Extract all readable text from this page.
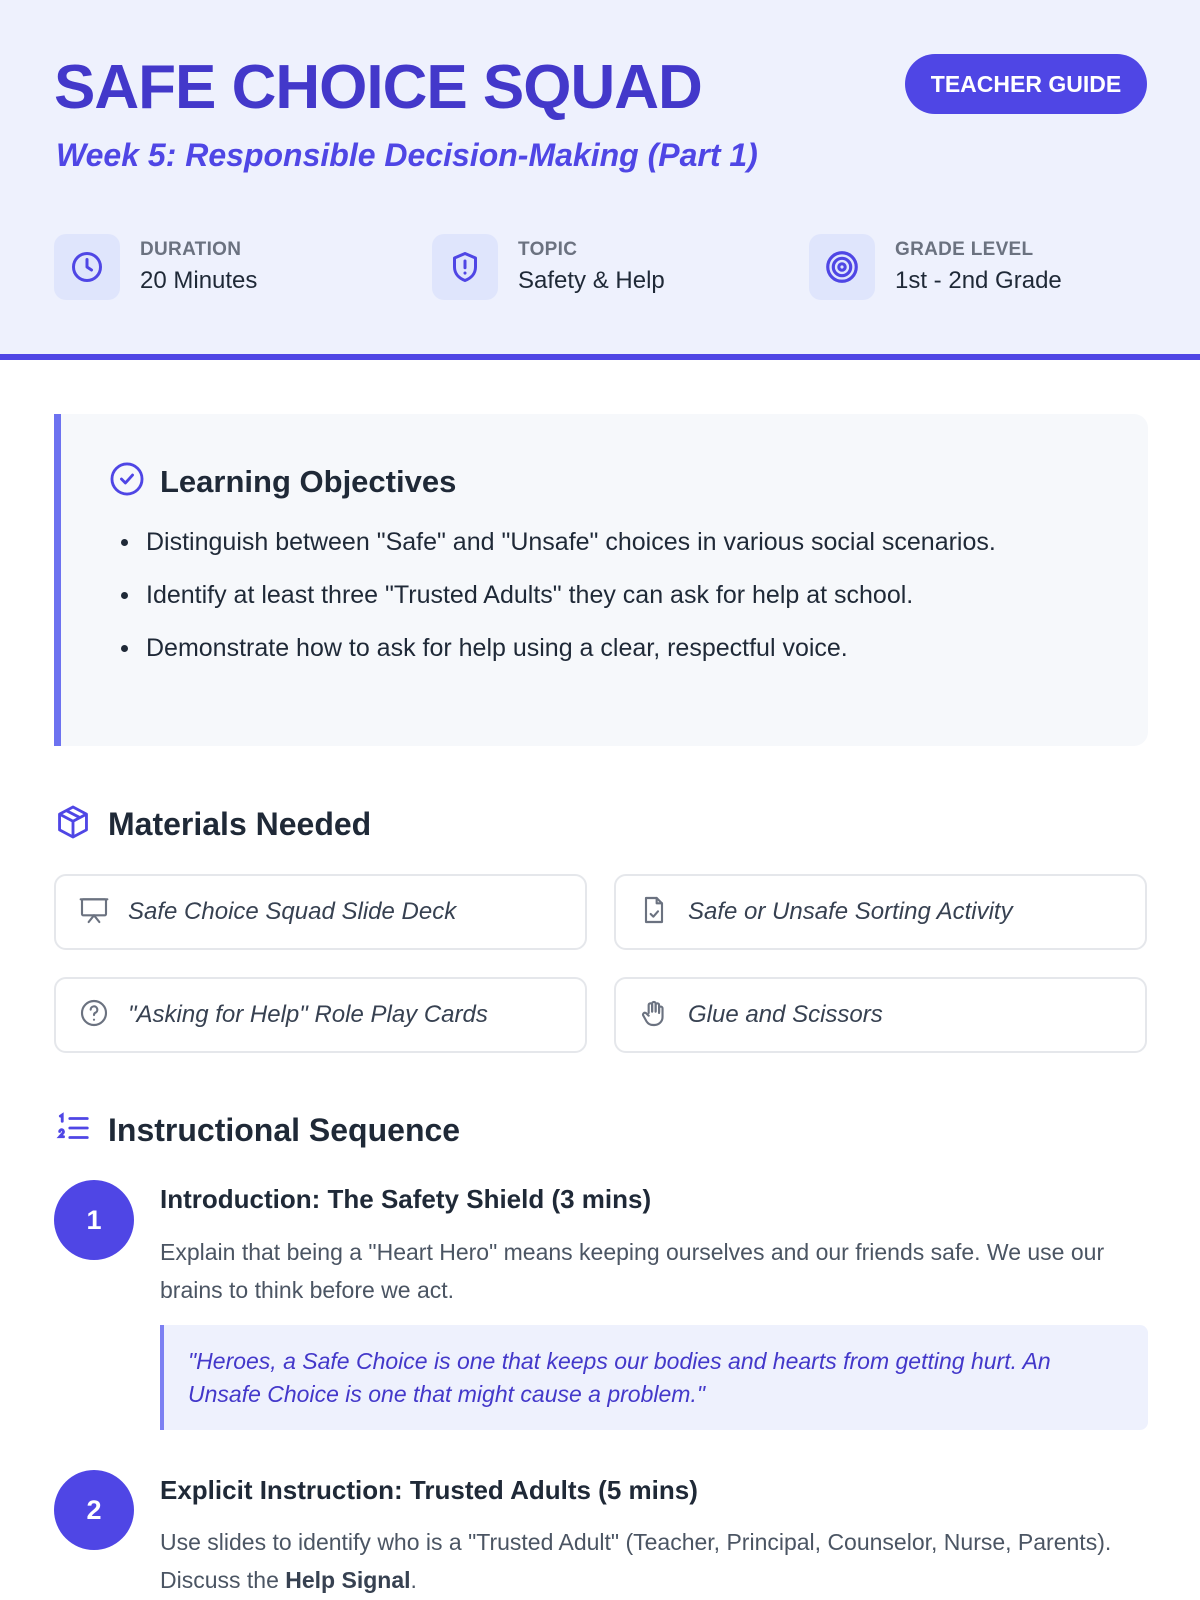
SAFE CHOICE SQUAD
Week 5: Responsible Decision-Making (Part 1)
TEACHER GUIDE
DURATION
20 Minutes
TOPIC
Safety & Help
GRADE LEVEL
1st - 2nd Grade
Learning Objectives
Distinguish between "Safe" and "Unsafe" choices in various social scenarios.
Identify at least three "Trusted Adults" they can ask for help at school.
Demonstrate how to ask for help using a clear, respectful voice.
Materials Needed
Safe Choice Squad Slide Deck	Safe or Unsafe Sorting Activity
"Asking for Help" Role Play Cards	Glue and Scissors
Instructional Sequence
1
Introduction: The Safety Shield (3 mins)

Explain that being a "Heart Hero" means keeping ourselves and our friends safe. We use our brains to think before we act.

"Heroes, a Safe Choice is one that keeps our bodies and hearts from getting hurt. An Unsafe Choice is one that might cause a problem."
2
Explicit Instruction: Trusted Adults (5 mins)

Use slides to identify who is a "Trusted Adult" (Teacher, Principal, Counselor, Nurse, Parents). Discuss the Help Signal.
